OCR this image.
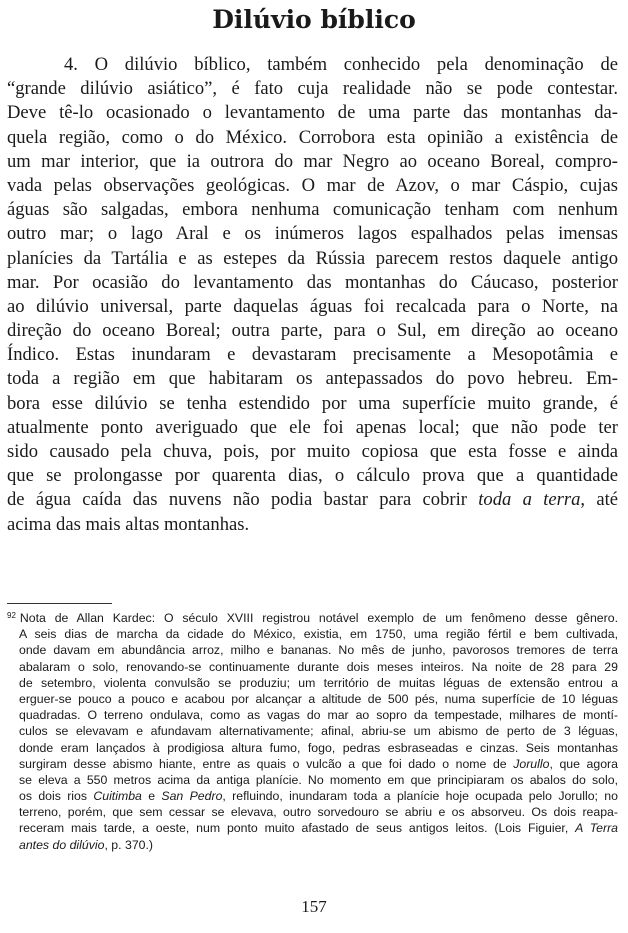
Dilúvio bíblico
4. O dilúvio bíblico, também conhecido pela denominação de
“grande dilúvio asiático”, é fato cuja realidade não se pode contestar.
Deve tê-lo ocasionado o levantamento de uma parte das montanhas da-
quela região, como o do México. Corrobora esta opinião a existência de
um mar interior, que ia outrora do mar Negro ao oceano Boreal, compro-
vada pelas observações geológicas. O mar de Azov, o mar Cáspio, cujas
águas são salgadas, embora nenhuma comunicação tenham com nenhum
outro mar; o lago Aral e os inúmeros lagos espalhados pelas imensas
planícies da Tartália e as estepes da Rússia parecem restos daquele antigo
mar. Por ocasião do levantamento das montanhas do Cáucaso, posterior
ao dilúvio universal, parte daquelas águas foi recalcada para o Norte, na
direção do oceano Boreal; outra parte, para o Sul, em direção ao oceano
Índico. Estas inundaram e devastaram precisamente a Mesopotâmia e
toda a região em que habitaram os antepassados do povo hebreu. Em-
bora esse dilúvio se tenha estendido por uma superfície muito grande, é
atualmente ponto averiguado que ele foi apenas local; que não pode ter
sido causado pela chuva, pois, por muito copiosa que esta fosse e ainda
que se prolongasse por quarenta dias, o cálculo prova que a quantidade
de água caída das nuvens não podia bastar para cobrir toda a terra, até
acima das mais altas montanhas.
$^{92}$ Nota de Allan Kardec: O século XVIII registrou notável exemplo de um fenômeno desse gênero.
A seis dias de marcha da cidade do México, existia, em 1750, uma região fértil e bem cultivada,
onde davam em abundância arroz, milho e bananas. No mês de junho, pavorosos tremores de terra
abalaram o solo, renovando-se continuamente durante dois meses inteiros. Na noite de 28 para 29
de setembro, violenta convulsão se produziu; um território de muitas léguas de extensão entrou a
erguer-se pouco a pouco e acabou por alcançar a altitude de 500 pés, numa superfície de 10 léguas
quadradas. O terreno ondulava, como as vagas do mar ao sopro da tempestade, milhares de montí-
culos se elevavam e afundavam alternativamente; afinal, abriu-se um abismo de perto de 3 léguas,
donde eram lançados à prodigiosa altura fumo, fogo, pedras esbraseadas e cinzas. Seis montanhas
surgiram desse abismo hiante, entre as quais o vulcão a que foi dado o nome de Jorullo, que agora
se eleva a 550 metros acima da antiga planície. No momento em que principiaram os abalos do solo,
os dois rios Cuitimba e San Pedro, refluindo, inundaram toda a planície hoje ocupada pelo Jorullo; no
terreno, porém, que sem cessar se elevava, outro sorvedouro se abriu e os absorveu. Os dois reapa-
receram mais tarde, a oeste, num ponto muito afastado de seus antigos leitos. (Lois Figuier, A Terra
antes do dilúvio, p. 370.)
157
